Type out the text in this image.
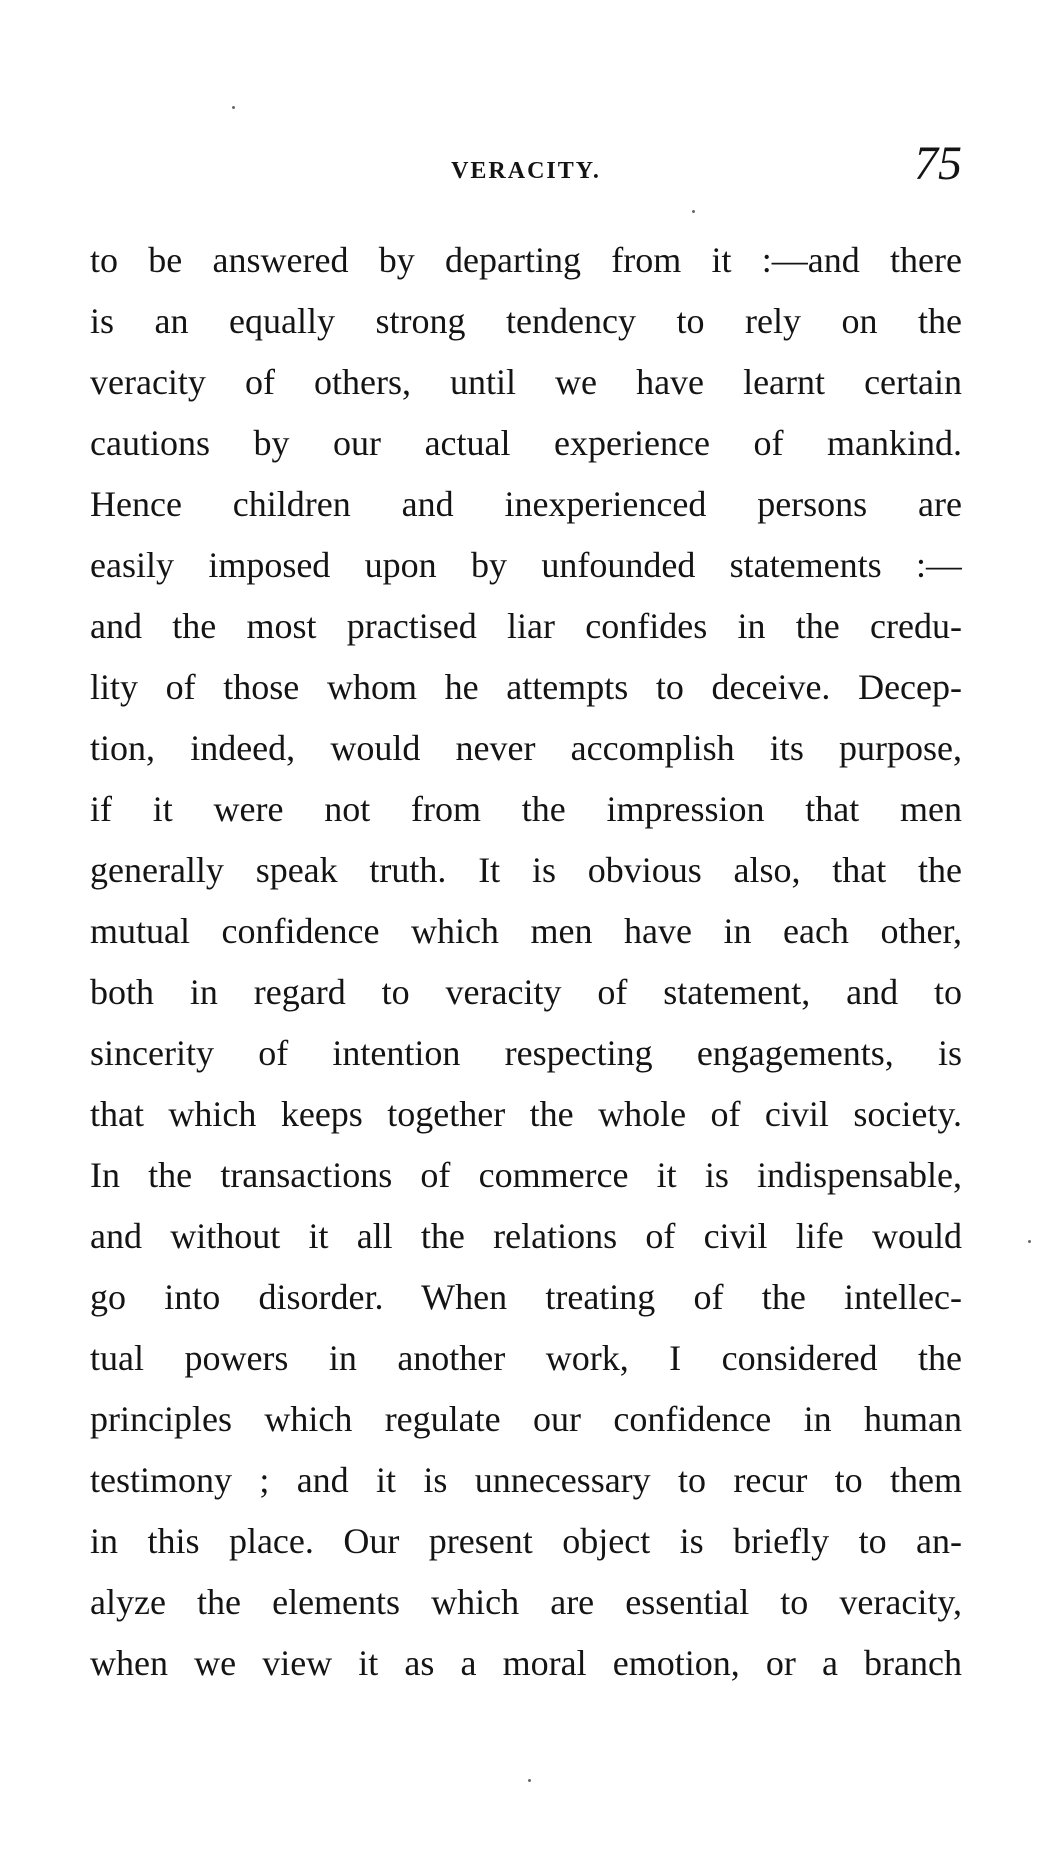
VERACITY.	75
to be answered by departing from it :—and there
is an equally strong tendency to rely on the
veracity of others, until we have learnt certain
cautions by our actual experience of mankind.
Hence children and inexperienced persons are
easily imposed upon by unfounded statements :—
and the most practised liar confides in the credu-
lity of those whom he attempts to deceive. Decep-
tion, indeed, would never accomplish its purpose,
if it were not from the impression that men
generally speak truth. It is obvious also, that the
mutual confidence which men have in each other,
both in regard to veracity of statement, and to
sincerity of intention respecting engagements, is
that which keeps together the whole of civil society.
In the transactions of commerce it is indispensable,
and without it all the relations of civil life would
go into disorder. When treating of the intellec-
tual powers in another work, I considered the
principles which regulate our confidence in human
testimony ; and it is unnecessary to recur to them
in this place. Our present object is briefly to an-
alyze the elements which are essential to veracity,
when we view it as a moral emotion, or a branch
